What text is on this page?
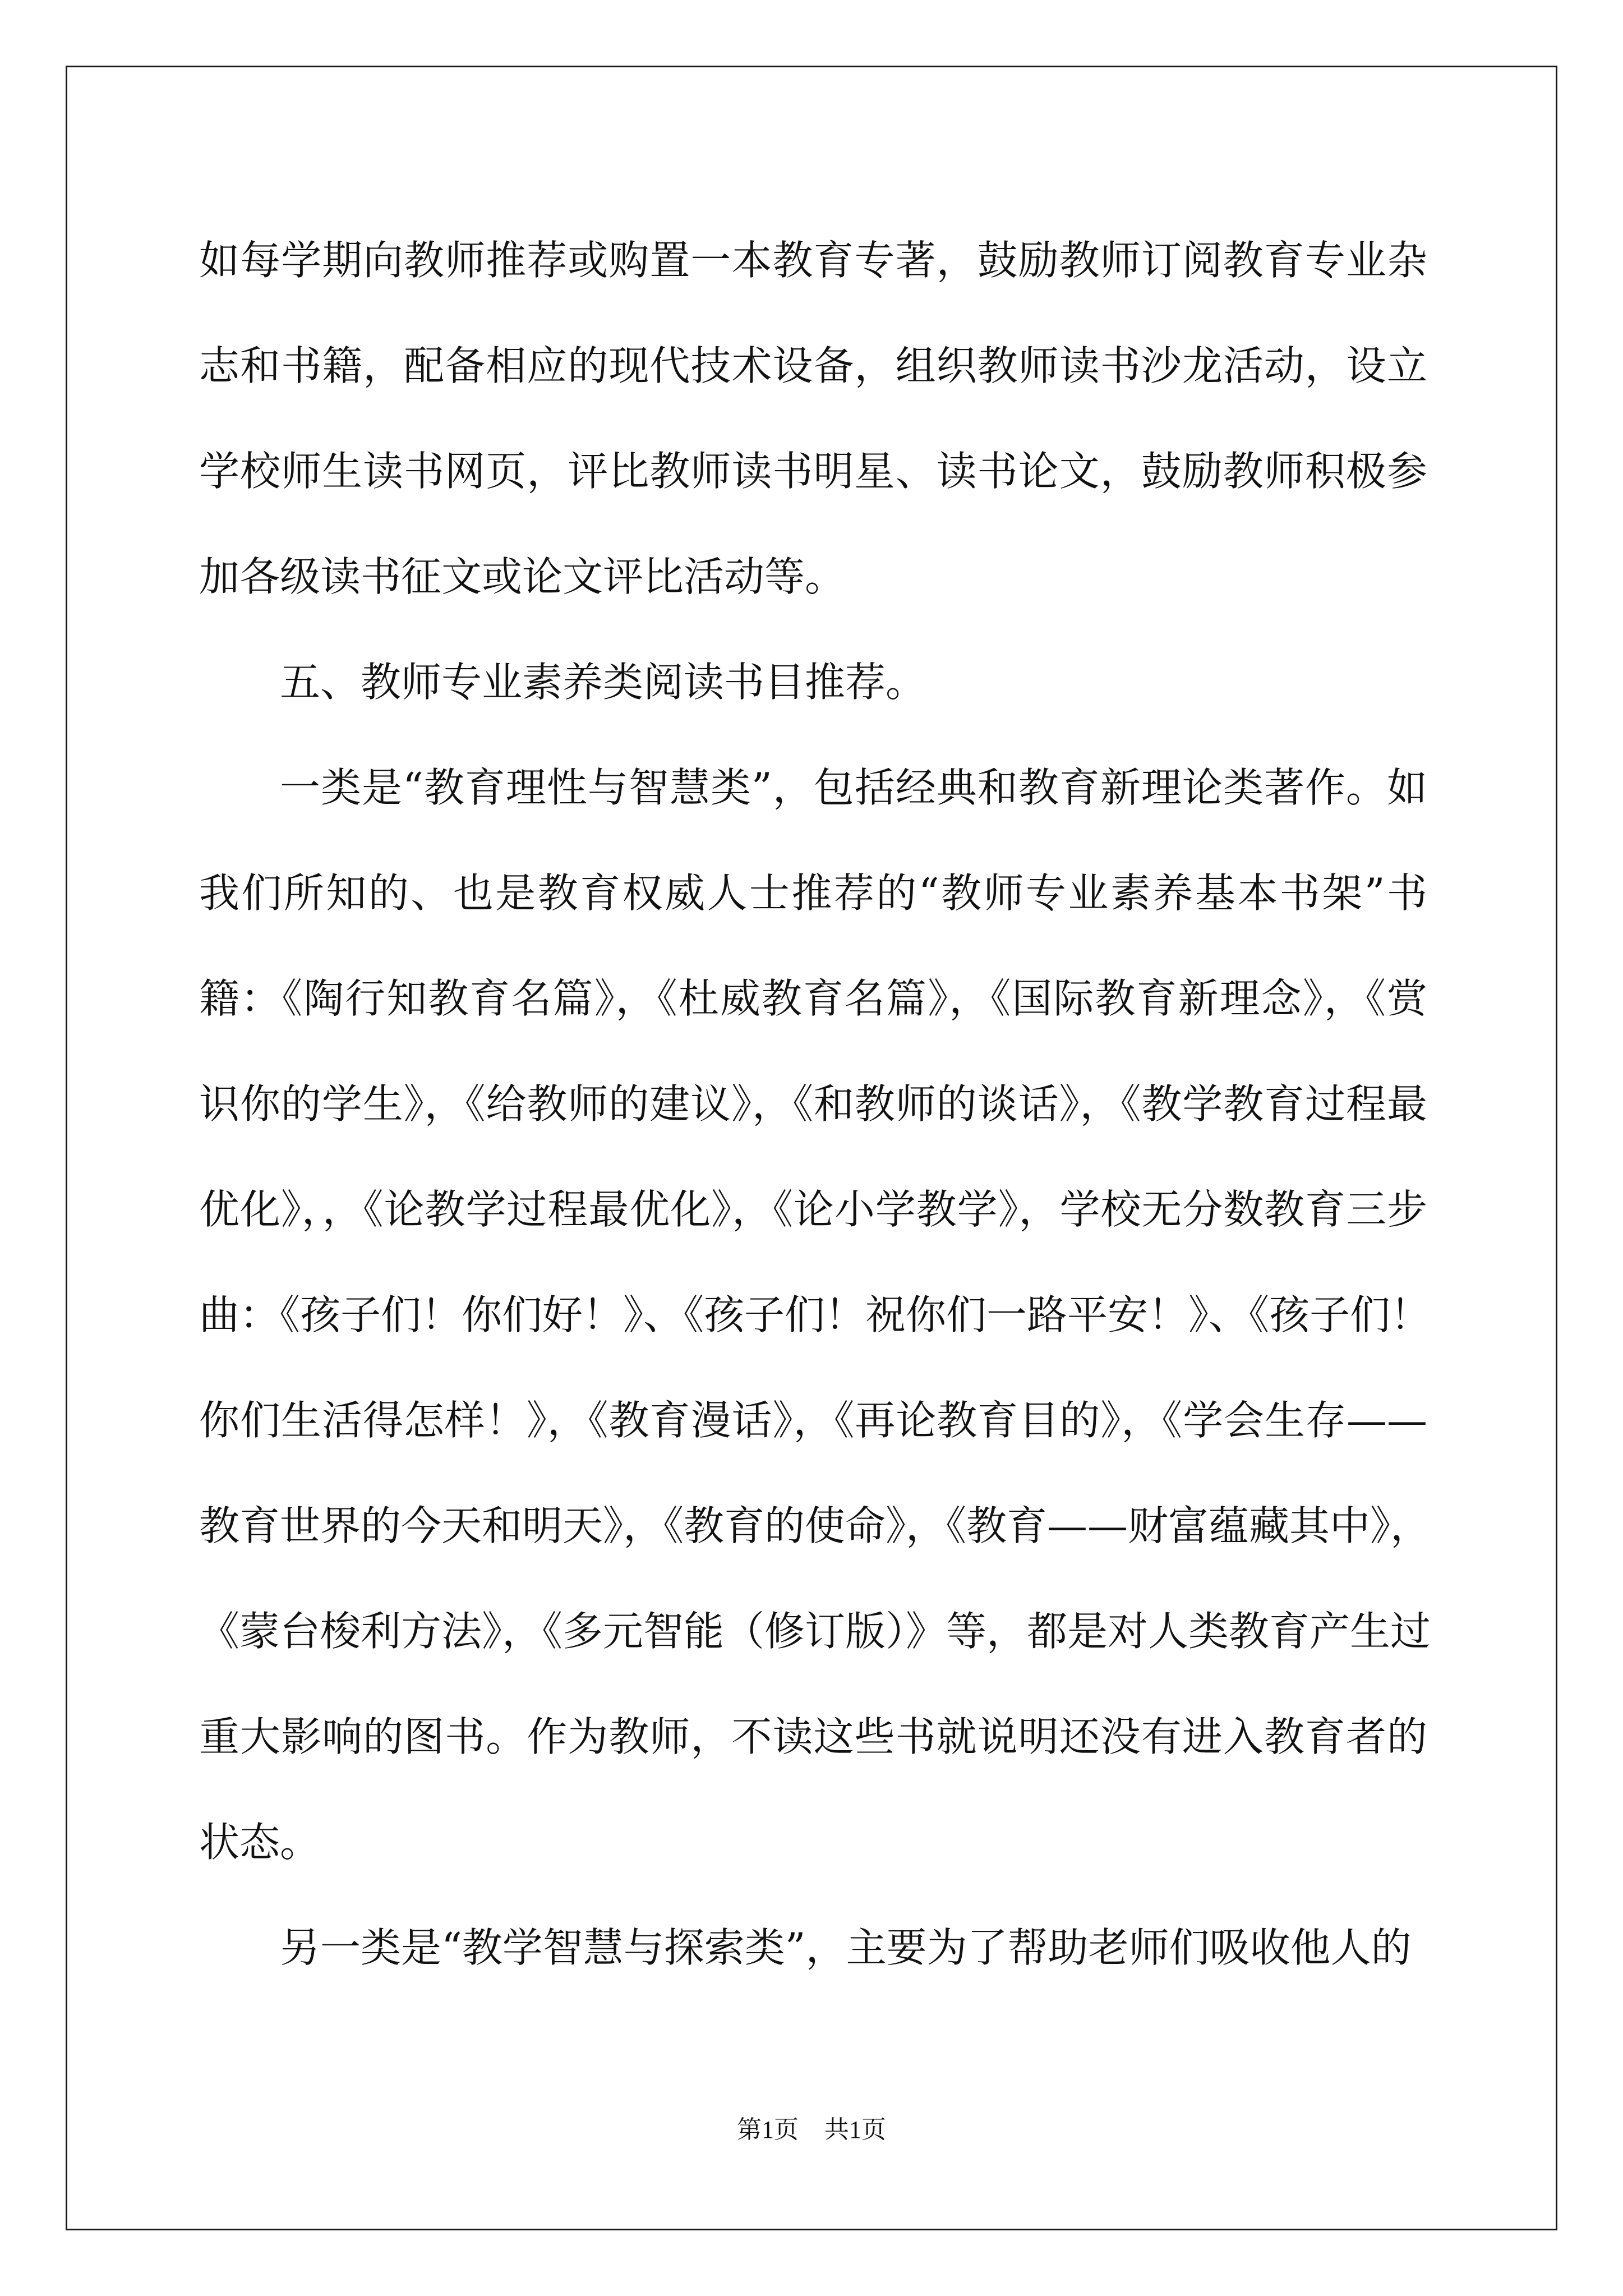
如每学期向教师推荐或购置一本教育专著，鼓励教师订阅教育专业杂
志和书籍，配备相应的现代技术设备，组织教师读书沙龙活动，设立
学校师生读书网页，评比教师读书明星、读书论文，鼓励教师积极参
加各级读书征文或论文评比活动等。
五、教师专业素养类阅读书目推荐。
一类是“教育理性与智慧类”，包括经典和教育新理论类著作。如
我们所知的、也是教育权威人士推荐的“教师专业素养基本书架”书
籍：《陶行知教育名篇》，《杜威教育名篇》，《国际教育新理念》，《赏
识你的学生》，《给教师的建议》，《和教师的谈话》，《教学教育过程最
优化》，，《论教学过程最优化》，《论小学教学》，学校无分数教育三步
曲：《孩子们！你们好！》、《孩子们！祝你们一路平安！》、《孩子们！
你们生活得怎样！》，《教育漫话》，《再论教育目的》，《学会生存——
教育世界的今天和明天》，《教育的使命》，《教育——财富蕴藏其中》，
《蒙台梭利方法》，《多元智能（修订版）》等，都是对人类教育产生过
重大影响的图书。作为教师，不读这些书就说明还没有进入教育者的
状态。
另一类是“教学智慧与探索类”，主要为了帮助老师们吸收他人的
第1页 共1页
